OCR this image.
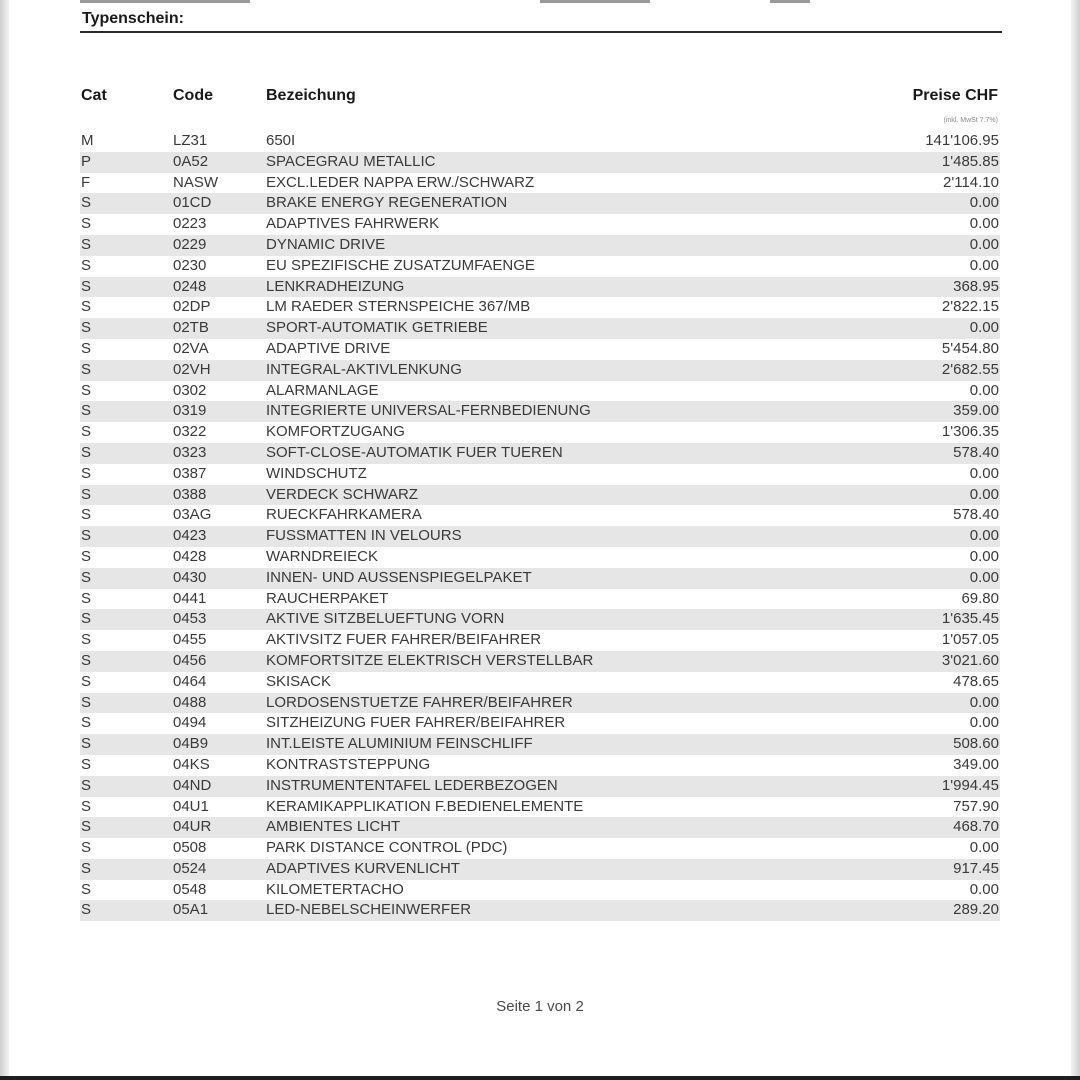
Typenschein:
Cat	Code	Bezeichung	Preise CHF
(inkl. MwSt 7.7%)
M	LZ31	650I	141'106.95
P	0A52	SPACEGRAU METALLIC	1'485.85
F	NASW	EXCL.LEDER NAPPA ERW./SCHWARZ	2'114.10
S	01CD	BRAKE ENERGY REGENERATION	0.00
S	0223	ADAPTIVES FAHRWERK	0.00
S	0229	DYNAMIC DRIVE	0.00
S	0230	EU SPEZIFISCHE ZUSATZUMFAENGE	0.00
S	0248	LENKRADHEIZUNG	368.95
S	02DP	LM RAEDER STERNSPEICHE 367/MB	2'822.15
S	02TB	SPORT-AUTOMATIK GETRIEBE	0.00
S	02VA	ADAPTIVE DRIVE	5'454.80
S	02VH	INTEGRAL-AKTIVLENKUNG	2'682.55
S	0302	ALARMANLAGE	0.00
S	0319	INTEGRIERTE UNIVERSAL-FERNBEDIENUNG	359.00
S	0322	KOMFORTZUGANG	1'306.35
S	0323	SOFT-CLOSE-AUTOMATIK FUER TUEREN	578.40
S	0387	WINDSCHUTZ	0.00
S	0388	VERDECK SCHWARZ	0.00
S	03AG	RUECKFAHRKAMERA	578.40
S	0423	FUSSMATTEN IN VELOURS	0.00
S	0428	WARNDREIECK	0.00
S	0430	INNEN- UND AUSSENSPIEGELPAKET	0.00
S	0441	RAUCHERPAKET	69.80
S	0453	AKTIVE SITZBELUEFTUNG VORN	1'635.45
S	0455	AKTIVSITZ FUER FAHRER/BEIFAHRER	1'057.05
S	0456	KOMFORTSITZE ELEKTRISCH VERSTELLBAR	3'021.60
S	0464	SKISACK	478.65
S	0488	LORDOSENSTUETZE FAHRER/BEIFAHRER	0.00
S	0494	SITZHEIZUNG FUER FAHRER/BEIFAHRER	0.00
S	04B9	INT.LEISTE ALUMINIUM FEINSCHLIFF	508.60
S	04KS	KONTRASTSTEPPUNG	349.00
S	04ND	INSTRUMENTENTAFEL LEDERBEZOGEN	1'994.45
S	04U1	KERAMIKAPPLIKATION F.BEDIENELEMENTE	757.90
S	04UR	AMBIENTES LICHT	468.70
S	0508	PARK DISTANCE CONTROL (PDC)	0.00
S	0524	ADAPTIVES KURVENLICHT	917.45
S	0548	KILOMETERTACHO	0.00
S	05A1	LED-NEBELSCHEINWERFER	289.20
Seite 1 von 2
